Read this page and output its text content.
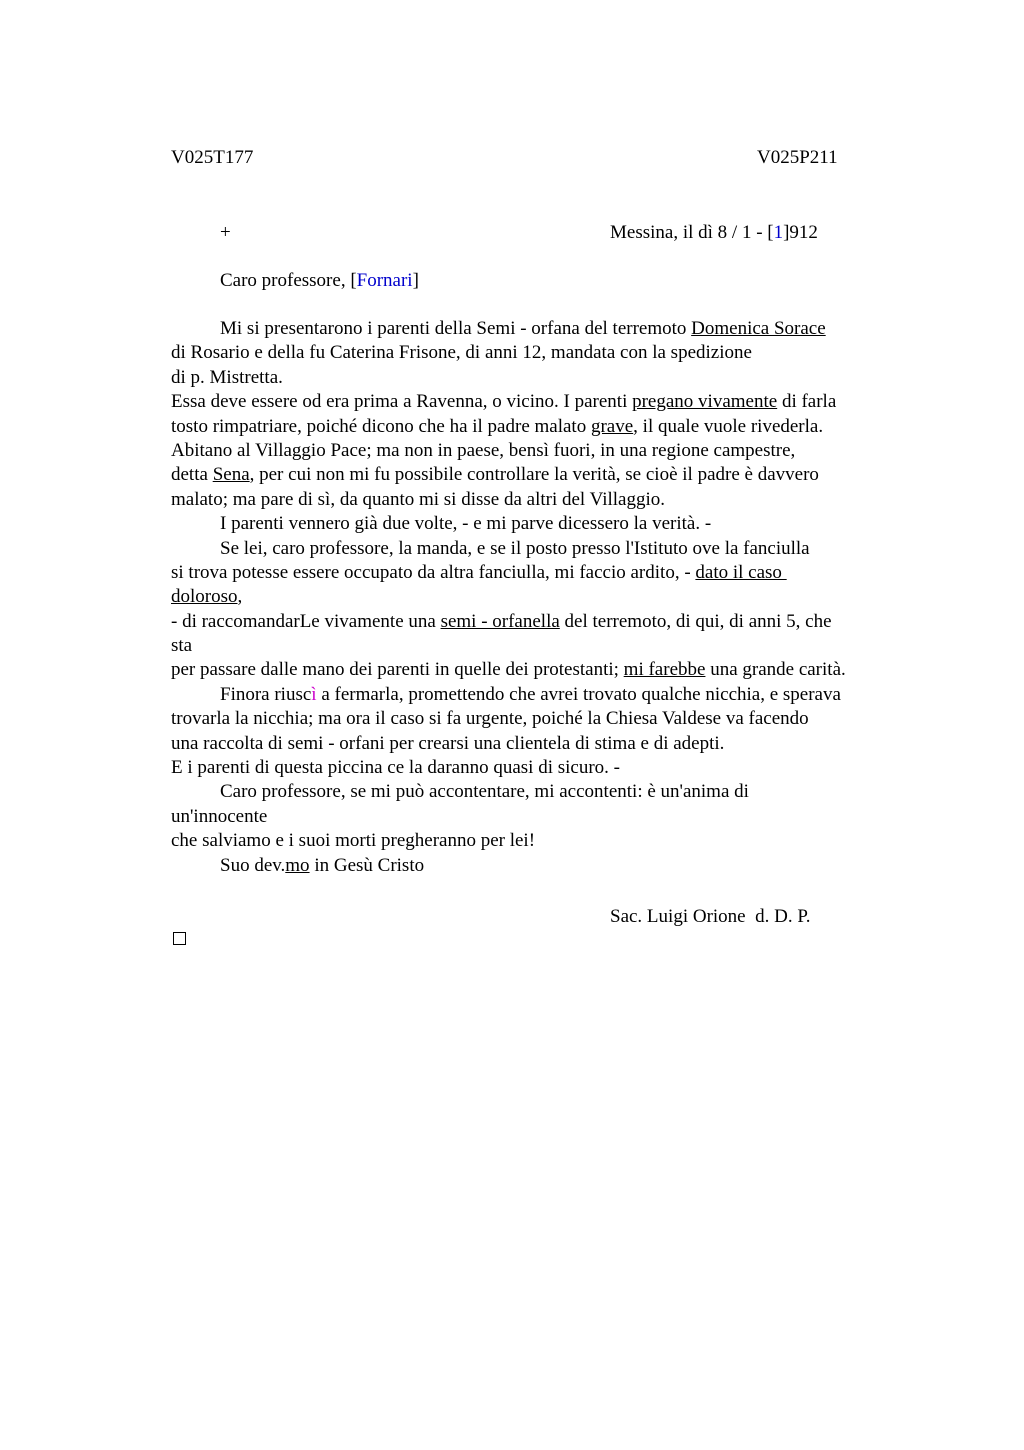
V025T177	V025P211
+	Messina, il dì 8 / 1 - [1]912
Caro professore, [Fornari]
Mi si presentarono i parenti della Semi - orfana del terremoto Domenica Sorace
di Rosario e della fu Caterina Frisone, di anni 12, mandata con la spedizione
di p. Mistretta.
Essa deve essere od era prima a Ravenna, o vicino. I parenti pregano vivamente di farla
tosto rimpatriare, poiché dicono che ha il padre malato grave, il quale vuole rivederla.
Abitano al Villaggio Pace; ma non in paese, bensì fuori, in una regione campestre,
detta Sena, per cui non mi fu possibile controllare la verità, se cioè il padre è davvero
malato; ma pare di sì, da quanto mi si disse da altri del Villaggio.
I parenti vennero già due volte, - e mi parve dicessero la verità. -
Se lei, caro professore, la manda, e se il posto presso l'Istituto ove la fanciulla
si trova potesse essere occupato da altra fanciulla, mi faccio ardito, - dato il caso
doloroso,
- di raccomandarLe vivamente una semi - orfanella del terremoto, di qui, di anni 5, che
sta
per passare dalle mano dei parenti in quelle dei protestanti; mi farebbe una grande carità.
Finora riuscì a fermarla, promettendo che avrei trovato qualche nicchia, e sperava
trovarla la nicchia; ma ora il caso si fa urgente, poiché la Chiesa Valdese va facendo
una raccolta di semi - orfani per crearsi una clientela di stima e di adepti.
E i parenti di questa piccina ce la daranno quasi di sicuro. -
Caro professore, se mi può accontentare, mi accontenti: è un'anima di
un'innocente
che salviamo e i suoi morti pregheranno per lei!
Suo dev.mo in Gesù Cristo
Sac. Luigi Orione  d. D. P.
